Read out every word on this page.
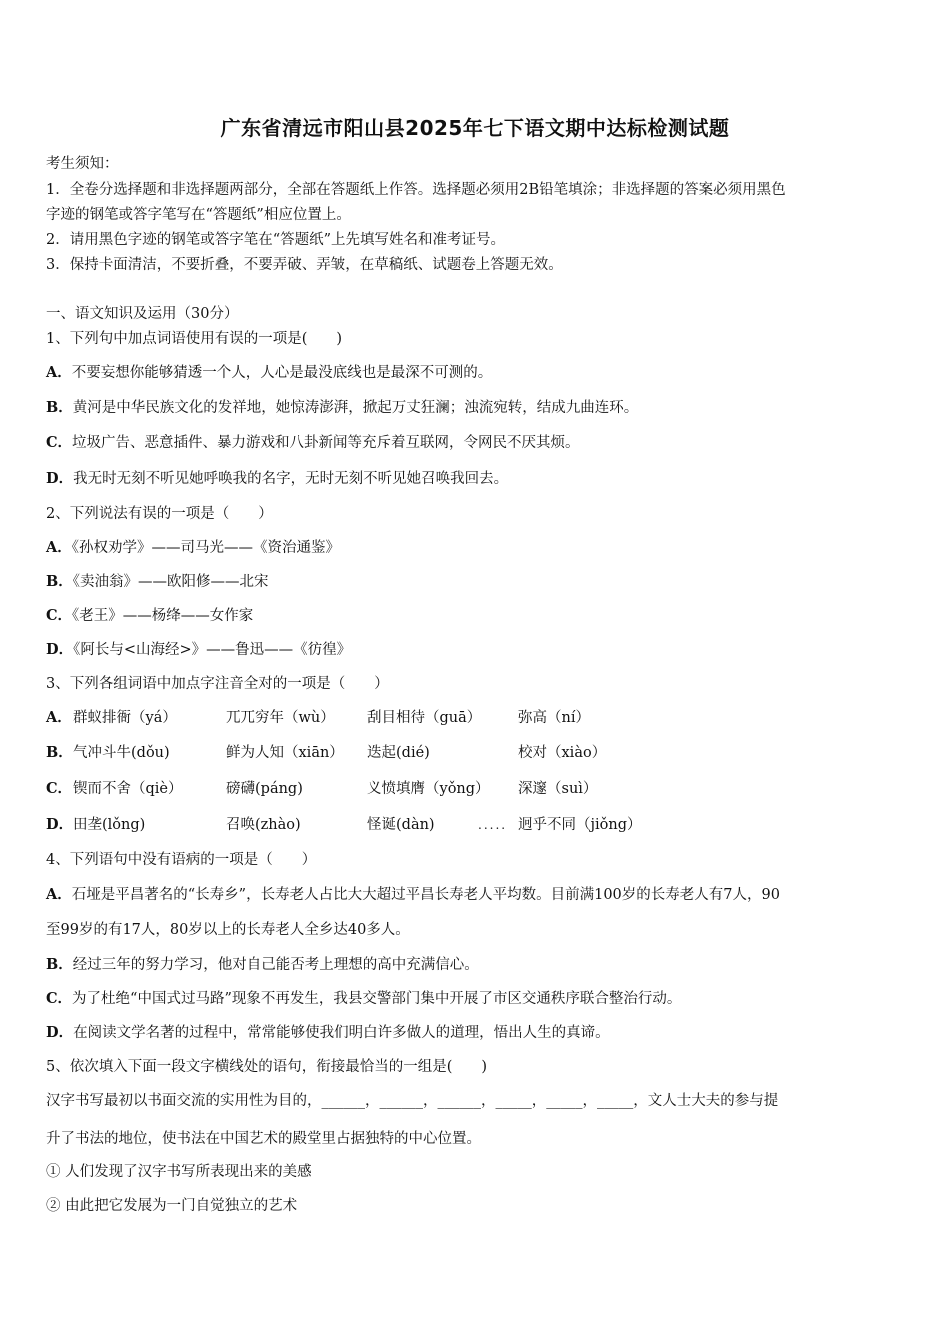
广东省清远市阳山县2025年七下语文期中达标检测试题
考生须知：
1．全卷分选择题和非选择题两部分，全部在答题纸上作答。选择题必须用2B铅笔填涂；非选择题的答案必须用黑色
字迹的钢笔或答字笔写在“答题纸”相应位置上。
2．请用黑色字迹的钢笔或答字笔在“答题纸”上先填写姓名和准考证号。
3．保持卡面清洁，不要折叠，不要弄破、弄皱，在草稿纸、试题卷上答题无效。
一、语文知识及运用（30分）
1、下列句中加点词语使用有误的一项是(　　)
A．不要妄想你能够猜透一个人，人心是最没底线也是最深不可测的。
B．黄河是中华民族文化的发祥地，她惊涛澎湃，掀起万丈狂澜；浊流宛转，结成九曲连环。
C．垃圾广告、恶意插件、暴力游戏和八卦新闻等充斥着互联网，令网民不厌其烦。
D．我无时无刻不听见她呼唤我的名字，无时无刻不听见她召唤我回去。
2、下列说法有误的一项是（　　）
A．《孙权劝学》——司马光——《资治通鉴》
B．《卖油翁》——欧阳修——北宋
C．《老王》——杨绛——女作家
D．《阿长与<山海经>》——鲁迅——《彷徨》
3、下列各组词语中加点字注音全对的一项是（　　）
A． 群蚁排衙（yá）	兀兀穷年（wù） 刮目相待（guā）	弥高（ní）
B． 气冲斗牛(dǒu)	鲜为人知（xiān） 迭起(dié)	校对（xiào）
C． 锲而不舍（qiè）	磅礴(páng)	义愤填膺（yǒng） 深邃（suì）
D． 田垄(lǒng)	召唤(zhào)	怪诞(dàn)	..... 迥乎不同（jiǒng）
4、下列语句中没有语病的一项是（　　）
A．石垭是平昌著名的“长寿乡”，长寿老人占比大大超过平昌长寿老人平均数。目前满100岁的长寿老人有7人，90
至99岁的有17人，80岁以上的长寿老人全乡达40多人。
B．经过三年的努力学习，他对自己能否考上理想的高中充满信心。
C．为了杜绝“中国式过马路”现象不再发生，我县交警部门集中开展了市区交通秩序联合整治行动。
D．在阅读文学名著的过程中，常常能够使我们明白许多做人的道理，悟出人生的真谛。
5、依次填入下面一段文字横线处的语句，衔接最恰当的一组是(　　)
汉字书写最初以书面交流的实用性为目的，______，______，______，_____，_____，_____，文人士大夫的参与提
升了书法的地位，使书法在中国艺术的殿堂里占据独特的中心位置。
① 人们发现了汉字书写所表现出来的美感
② 由此把它发展为一门自觉独立的艺术
